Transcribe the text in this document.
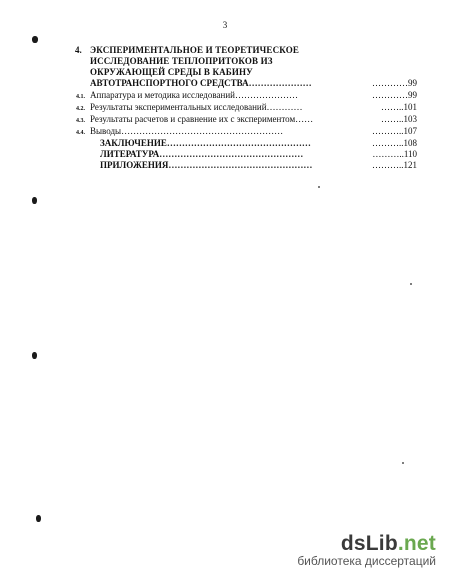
3
4. ЭКСПЕРИМЕНТАЛЬНОЕ И ТЕОРЕТИЧЕСКОЕ
ИССЛЕДОВАНИЕ ТЕПЛОПРИТОКОВ ИЗ
ОКРУЖАЮЩЕЙ СРЕДЫ В КАБИНУ
АВТОТРАНСПОРТНОГО СРЕДСТВА…………………	…………99
4.1. Аппаратура и методика исследований…………………	…………99
4.2. Результаты экспериментальных исследований…………	……..101
4.3. Результаты расчетов и сравнение их с экспериментом……	……..103
4.4. Выводы………………………………………………	………..107
ЗАКЛЮЧЕНИЕ…………………………………………	………..108
ЛИТЕРАТУРА…………………………………………	………..110
ПРИЛОЖЕНИЯ…………………………………………	………..121
dsLib.net
библиотека диссертаций
